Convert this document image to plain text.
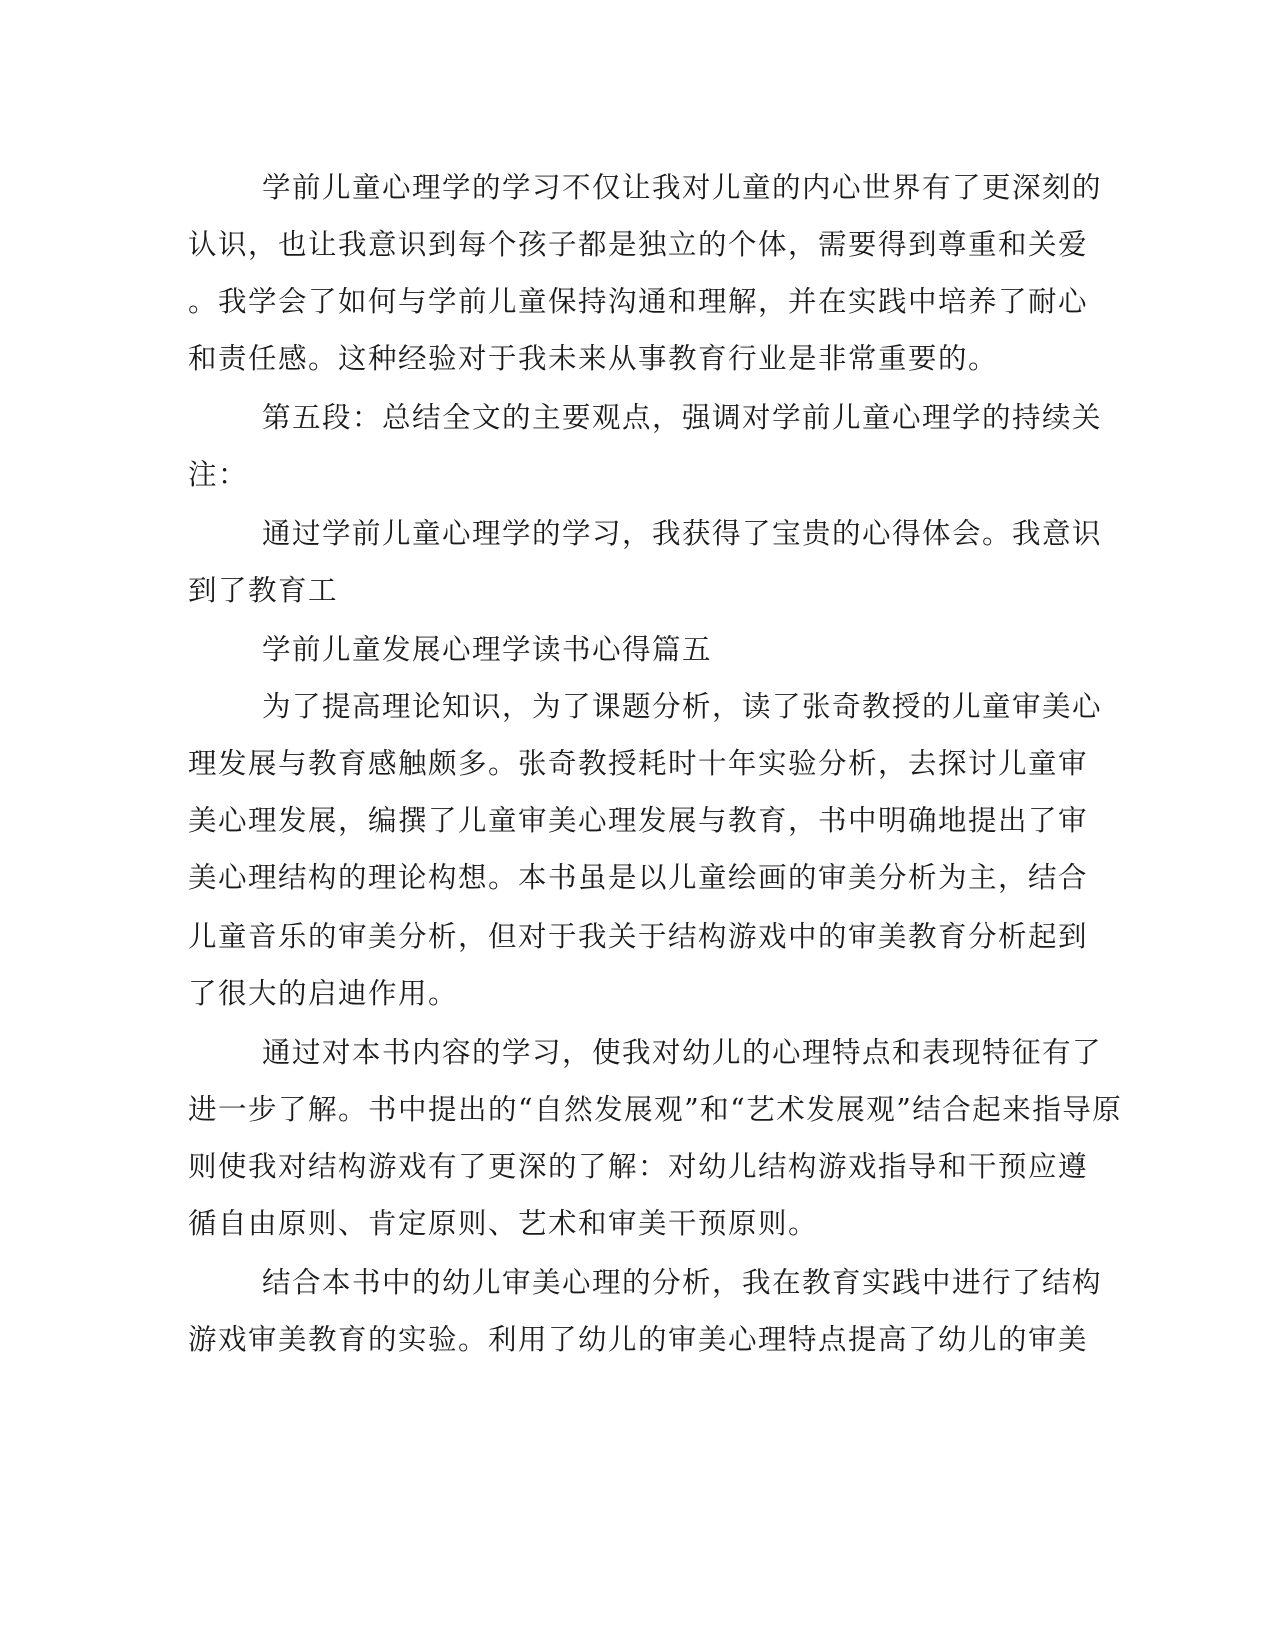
学前儿童心理学的学习不仅让我对儿童的内心世界有了更深刻的
认识，也让我意识到每个孩子都是独立的个体，需要得到尊重和关爱
。我学会了如何与学前儿童保持沟通和理解，并在实践中培养了耐心
和责任感。这种经验对于我未来从事教育行业是非常重要的。
第五段：总结全文的主要观点，强调对学前儿童心理学的持续关
注：
通过学前儿童心理学的学习，我获得了宝贵的心得体会。我意识
到了教育工
学前儿童发展心理学读书心得篇五
为了提高理论知识，为了课题分析，读了张奇教授的儿童审美心
理发展与教育感触颇多。张奇教授耗时十年实验分析，去探讨儿童审
美心理发展，编撰了儿童审美心理发展与教育，书中明确地提出了审
美心理结构的理论构想。本书虽是以儿童绘画的审美分析为主，结合
儿童音乐的审美分析，但对于我关于结构游戏中的审美教育分析起到
了很大的启迪作用。
通过对本书内容的学习，使我对幼儿的心理特点和表现特征有了
进一步了解。书中提出的“自然发展观”和“艺术发展观”结合起来指导原
则使我对结构游戏有了更深的了解：对幼儿结构游戏指导和干预应遵
循自由原则、肯定原则、艺术和审美干预原则。
结合本书中的幼儿审美心理的分析，我在教育实践中进行了结构
游戏审美教育的实验。利用了幼儿的审美心理特点提高了幼儿的审美
